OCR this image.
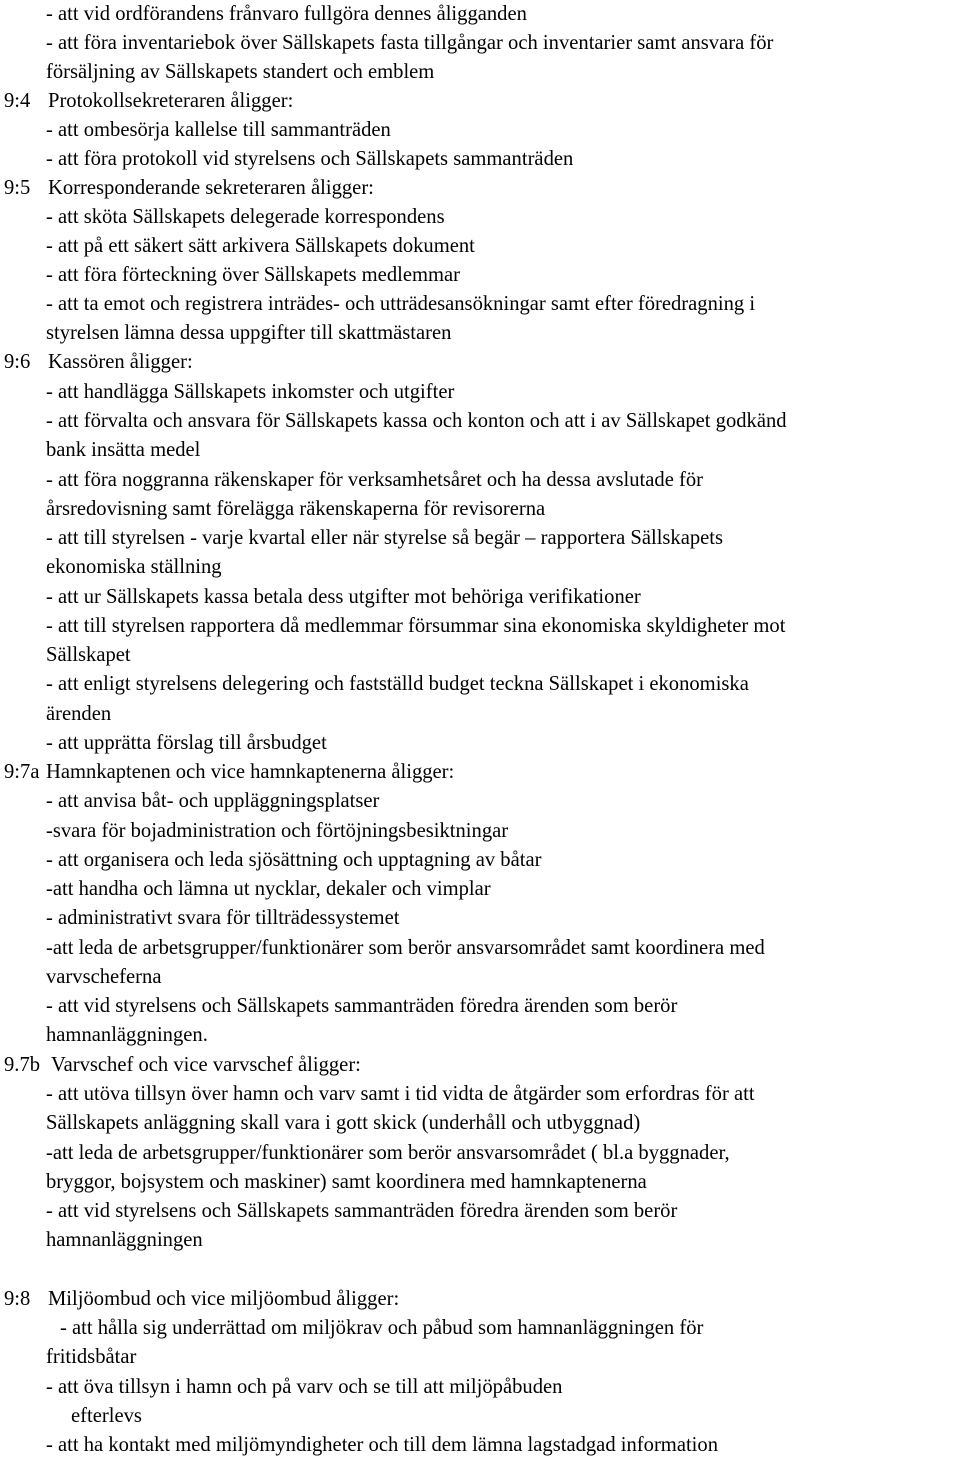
- att vid ordförandens frånvaro fullgöra dennes åligganden
- att föra inventariebok över Sällskapets fasta tillgångar och inventarier samt ansvara för
försäljning av Sällskapets standert och emblem
9:4 Protokollsekreteraren åligger:
- att ombesörja kallelse till sammanträden
- att föra protokoll vid styrelsens och Sällskapets sammanträden
9:5 Korresponderande sekreteraren åligger:
- att sköta Sällskapets delegerade korrespondens
- att på ett säkert sätt arkivera Sällskapets dokument
- att föra förteckning över Sällskapets medlemmar
- att ta emot och registrera inträdes- och utträdesansökningar samt efter föredragning i
styrelsen lämna dessa uppgifter till skattmästaren
9:6 Kassören åligger:
- att handlägga Sällskapets inkomster och utgifter
- att förvalta och ansvara för Sällskapets kassa och konton och att i av Sällskapet godkänd
bank insätta medel
- att föra noggranna räkenskaper för verksamhetsåret och ha dessa avslutade för
årsredovisning samt förelägga räkenskaperna för revisorerna
- att till styrelsen - varje kvartal eller när styrelse så begär – rapportera Sällskapets
ekonomiska ställning
- att ur Sällskapets kassa betala dess utgifter mot behöriga verifikationer
- att till styrelsen rapportera då medlemmar försummar sina ekonomiska skyldigheter mot
Sällskapet
- att enligt styrelsens delegering och fastställd budget teckna Sällskapet i ekonomiska
ärenden
- att upprätta förslag till årsbudget
9:7a Hamnkaptenen och vice hamnkaptenerna åligger:
- att anvisa båt- och uppläggningsplatser
-svara för bojadministration och förtöjningsbesiktningar
- att organisera och leda sjösättning och upptagning av båtar
-att handha och lämna ut nycklar, dekaler och vimplar
- administrativt svara för tillträdessystemet
-att leda de arbetsgrupper/funktionärer som berör ansvarsområdet samt koordinera med
varvscheferna
- att vid styrelsens och Sällskapets sammanträden föredra ärenden som berör
hamnanläggningen.
9.7b Varvschef och vice varvschef åligger:
- att utöva tillsyn över hamn och varv samt i tid vidta de åtgärder som erfordras för att
Sällskapets anläggning skall vara i gott skick (underhåll och utbyggnad)
-att leda de arbetsgrupper/funktionärer som berör ansvarsområdet ( bl.a byggnader,
bryggor, bojsystem och maskiner) samt koordinera med hamnkaptenerna
- att vid styrelsens och Sällskapets sammanträden föredra ärenden som berör
hamnanläggningen
9:8 Miljöombud och vice miljöombud åligger:
- att hålla sig underrättad om miljökrav och påbud som hamnanläggningen för
fritidsbåtar
- att öva tillsyn i hamn och på varv och se till att miljöpåbuden
efterlevs
- att ha kontakt med miljömyndigheter och till dem lämna lagstadgad information
